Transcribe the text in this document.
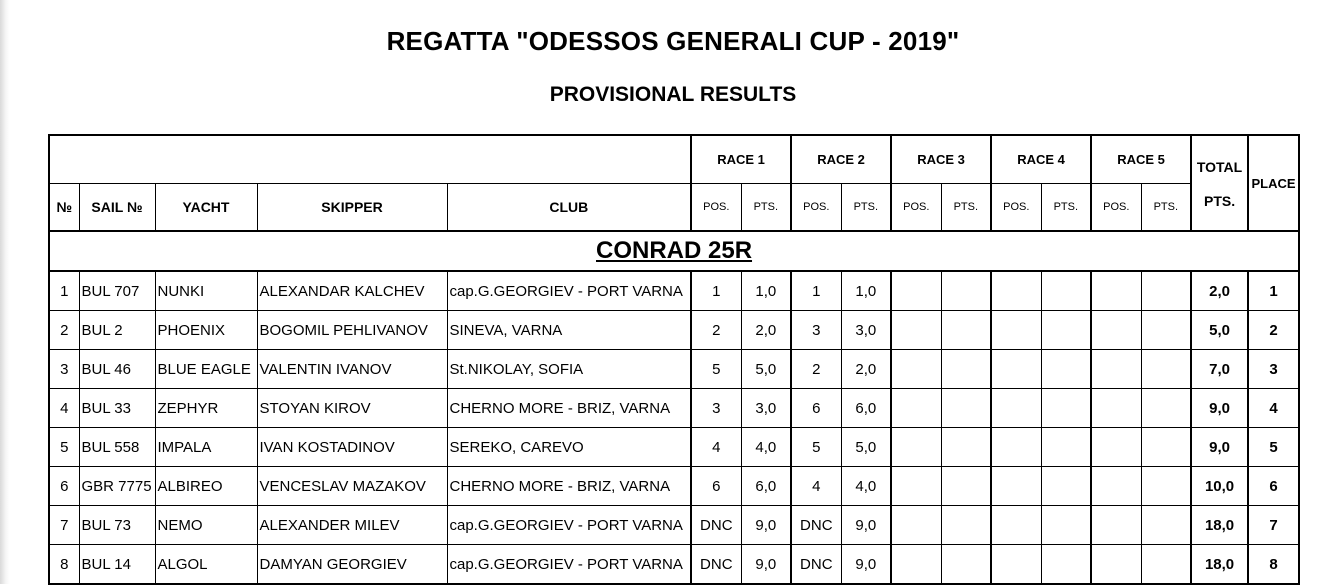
REGATTA "ODESSOS GENERALI CUP - 2019"
PROVISIONAL RESULTS
					RACE 1		RACE 2		RACE 3		RACE 4		RACE 5		TOTAL	PLACE
№	SAIL №	YACHT	SKIPPER	CLUB	POS.	PTS.	POS.	PTS.	POS.	PTS.	POS.	PTS.	POS.	PTS.	PTS.	
CONRAD 25R																
1	BUL 707	NUNKI	ALEXANDAR KALCHEV	cap.G.GEORGIEV - PORT VARNA	1	1,0	1	1,0							2,0	1
2	BUL 2	PHOENIX	BOGOMIL PEHLIVANOV	SINEVA, VARNA	2	2,0	3	3,0							5,0	2
3	BUL 46	BLUE EAGLE	VALENTIN IVANOV	St.NIKOLAY, SOFIA	5	5,0	2	2,0							7,0	3
4	BUL 33	ZEPHYR	STOYAN KIROV	CHERNO MORE - BRIZ, VARNA	3	3,0	6	6,0							9,0	4
5	BUL 558	IMPALA	IVAN KOSTADINOV	SEREKO, CAREVO	4	4,0	5	5,0							9,0	5
6	GBR 7775	ALBIREO	VENCESLAV MAZAKOV	CHERNO MORE - BRIZ, VARNA	6	6,0	4	4,0							10,0	6
7	BUL 73	NEMO	ALEXANDER MILEV	cap.G.GEORGIEV - PORT VARNA	DNC	9,0	DNC	9,0							18,0	7
8	BUL 14	ALGOL	DAMYAN GEORGIEV	cap.G.GEORGIEV - PORT VARNA	DNC	9,0	DNC	9,0							18,0	8
